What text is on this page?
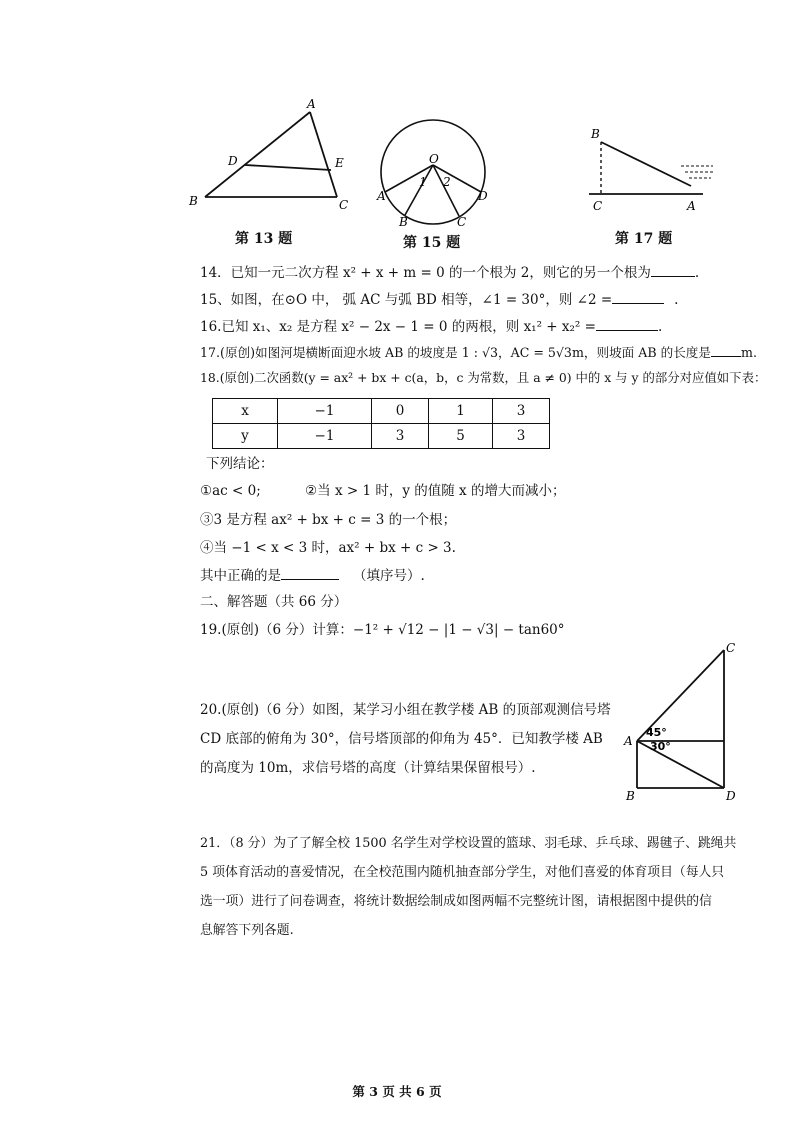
A
B	C
D	E
第 13 题
O
A
B	C
D
1 2
第 15 题
B
C	A
第 17 题
14．已知一元二次方程 x² + x + m = 0 的一个根为 2，则它的另一个根为	.
15、如图，在⊙O 中， 弧 AC 与弧 BD 相等，∠1 = 30°，则 ∠2 =	.
16.已知 x₁、x₂ 是方程 x² − 2x − 1 = 0 的两根，则 x₁² + x₂² =	.
17.(原创)如图河堤横断面迎水坡 AB 的坡度是 1 : √3，AC = 5√3m，则坡面 AB 的长度是 m.
18.(原创)二次函数(y = ax² + bx + c(a，b，c 为常数，且 a ≠ 0) 中的 x 与 y 的部分对应值如下表：
x	−1	0	1	3
y	−1	3	5	3
下列结论：
①ac < 0;	②当 x > 1 时，y 的值随 x 的增大而减小；
③3 是方程 ax² + bx + c = 3 的一个根；
④当 −1 < x < 3 时，ax² + bx + c > 3.
其中正确的是	（填序号）.
二、解答题（共 66 分）
19.(原创)（6 分）计算：−1² + √12 − |1 − √3| − tan60°
20.(原创)（6 分）如图，某学习小组在教学楼 AB 的顶部观测信号塔
CD 底部的俯角为 30°，信号塔顶部的仰角为 45°．已知教学楼 AB
的高度为 10m，求信号塔的高度（计算结果保留根号）.
C
A
B	D
45°
30°
21．（8 分）为了了解全校 1500 名学生对学校设置的篮球、羽毛球、乒乓球、踢毽子、跳绳共
5 项体育活动的喜爱情况，在全校范围内随机抽查部分学生，对他们喜爱的体育项目（每人只
选一项）进行了问卷调查，将统计数据绘制成如图两幅不完整统计图，请根据图中提供的信
息解答下列各题.
第 3 页 共 6 页
